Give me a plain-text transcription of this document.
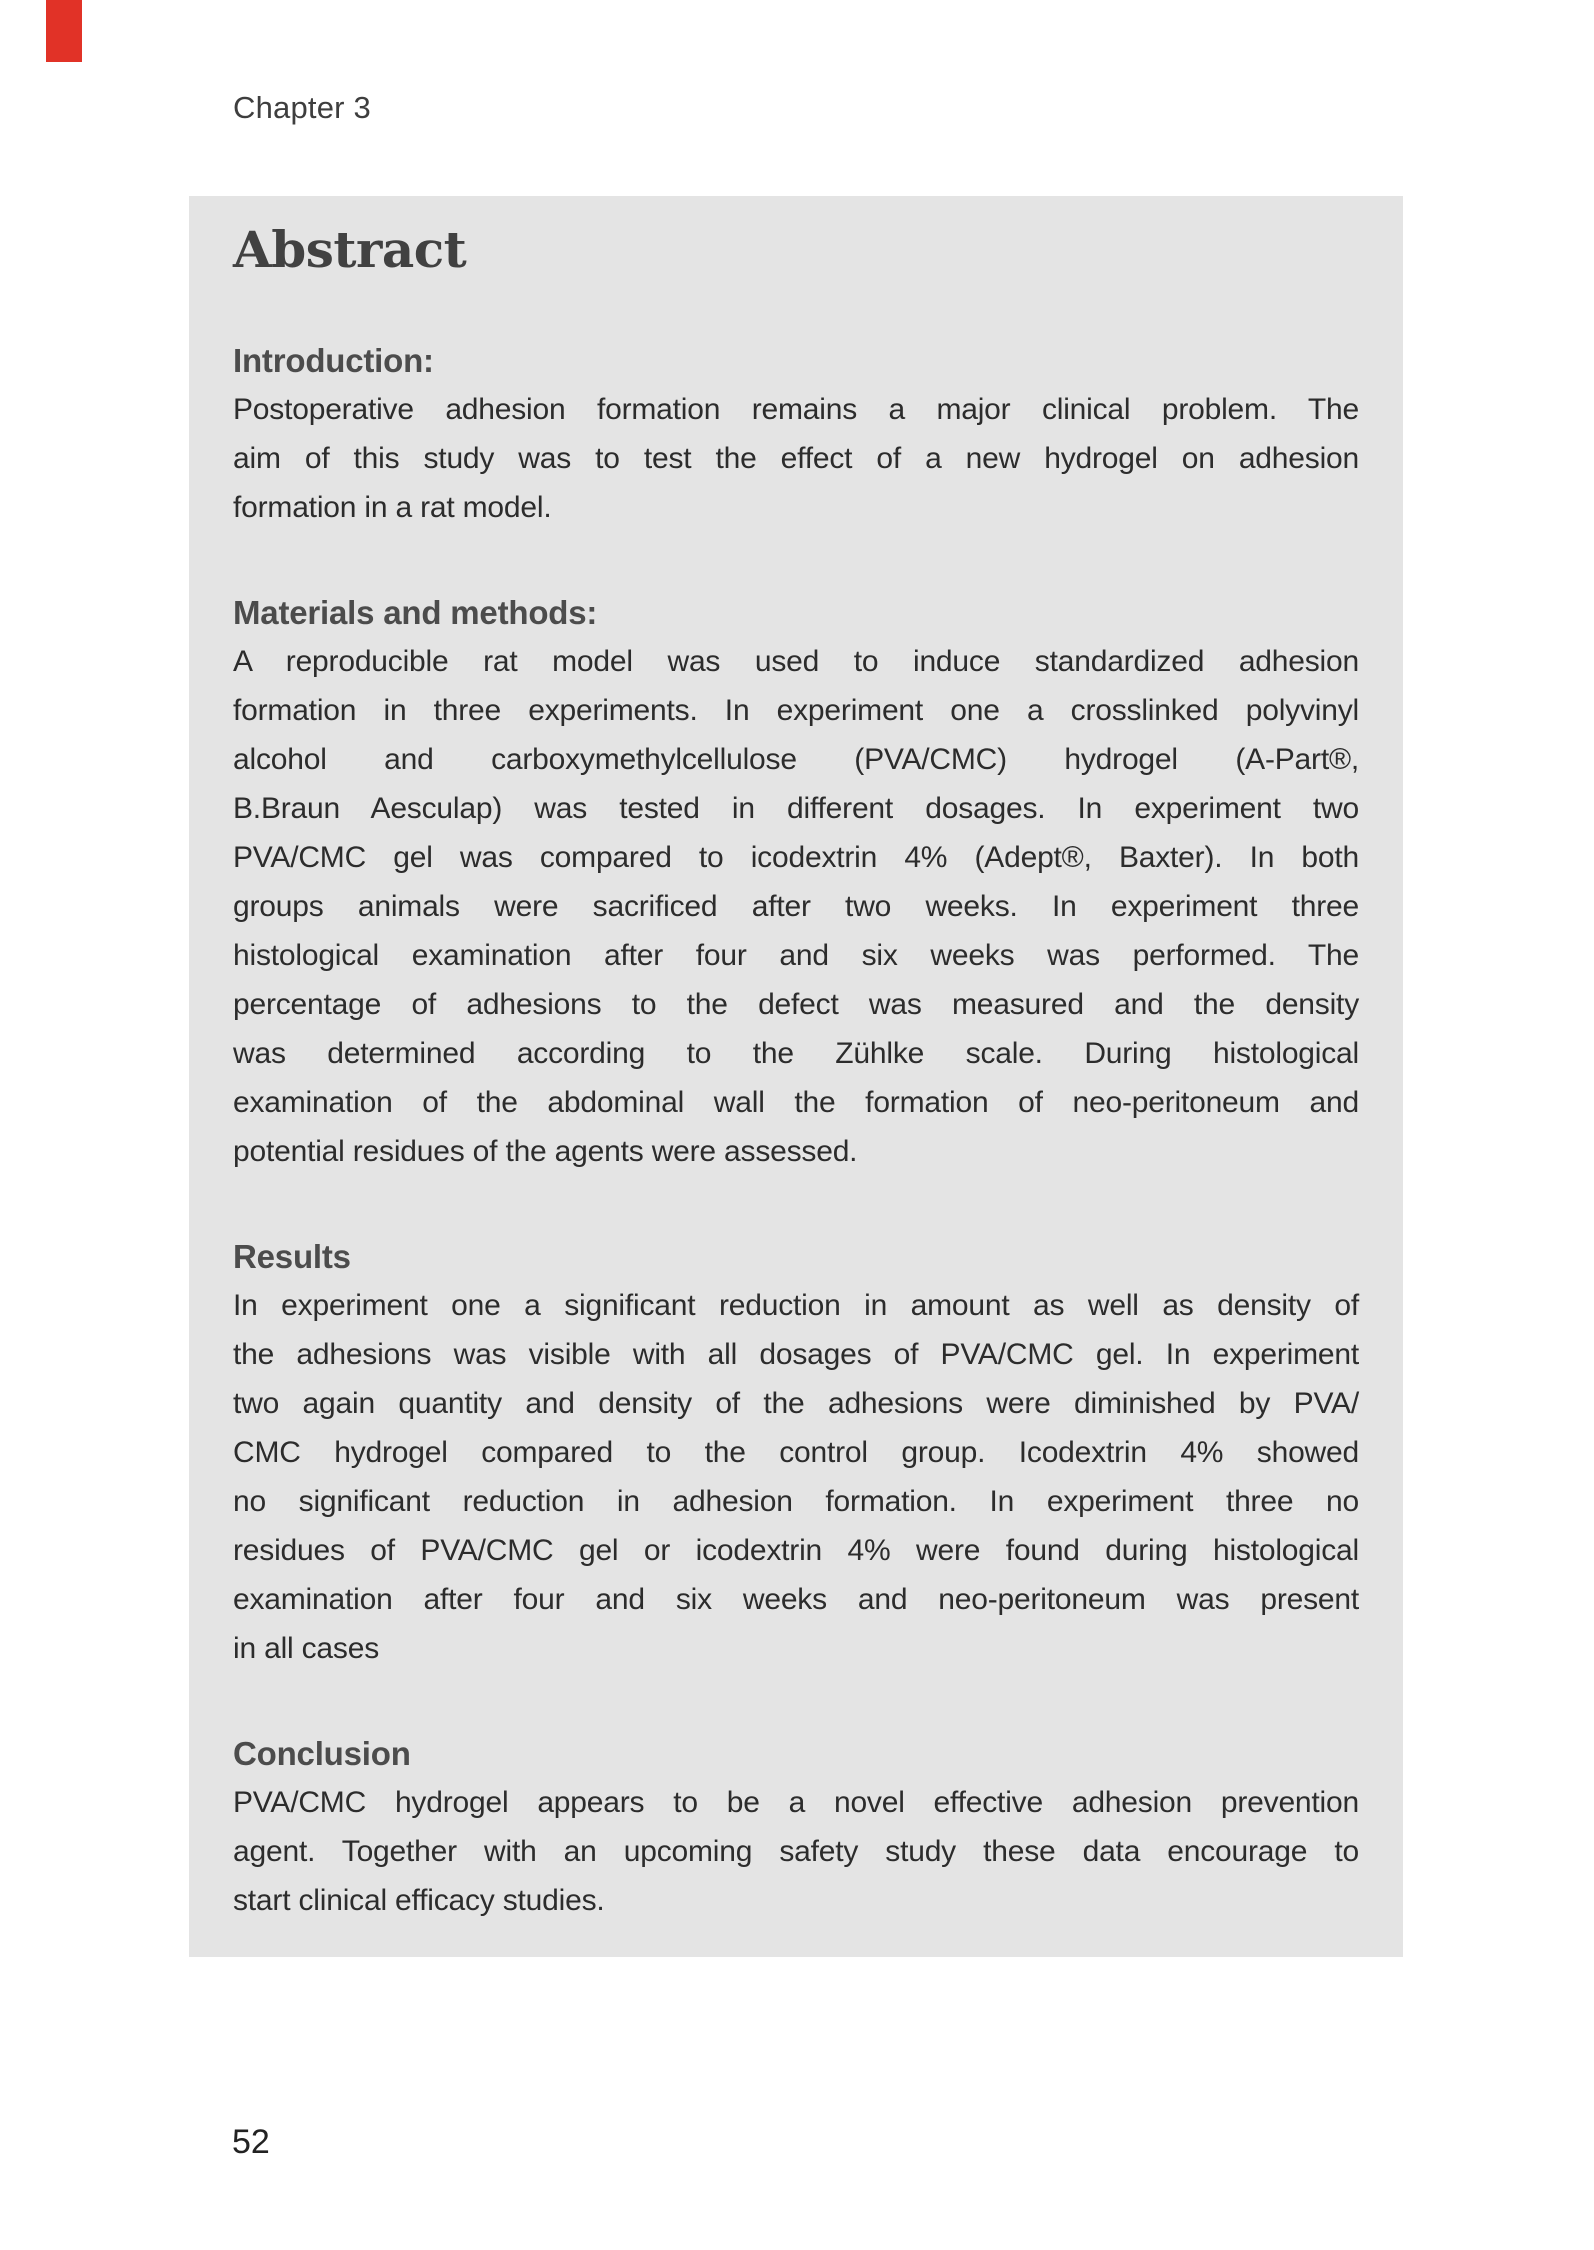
Chapter 3
Abstract
Introduction:
Postoperative adhesion formation remains a major clinical problem. The
aim of this study was to test the effect of a new hydrogel on adhesion
formation in a rat model.
Materials and methods:
A reproducible rat model was used to induce standardized adhesion
formation in three experiments. In experiment one a crosslinked polyvinyl
alcohol and carboxymethylcellulose (PVA/CMC) hydrogel (A-Part®,
B.Braun Aesculap) was tested in different dosages. In experiment two
PVA/CMC gel was compared to icodextrin 4% (Adept®, Baxter). In both
groups animals were sacrificed after two weeks. In experiment three
histological examination after four and six weeks was performed. The
percentage of adhesions to the defect was measured and the density
was determined according to the Zühlke scale. During histological
examination of the abdominal wall the formation of neo-peritoneum and
potential residues of the agents were assessed.
Results
In experiment one a significant reduction in amount as well as density of
the adhesions was visible with all dosages of PVA/CMC gel. In experiment
two again quantity and density of the adhesions were diminished by PVA/
CMC hydrogel compared to the control group. Icodextrin 4% showed
no significant reduction in adhesion formation. In experiment three no
residues of PVA/CMC gel or icodextrin 4% were found during histological
examination after four and six weeks and neo-peritoneum was present
in all cases
Conclusion
PVA/CMC hydrogel appears to be a novel effective adhesion prevention
agent. Together with an upcoming safety study these data encourage to
start clinical efficacy studies.
52
